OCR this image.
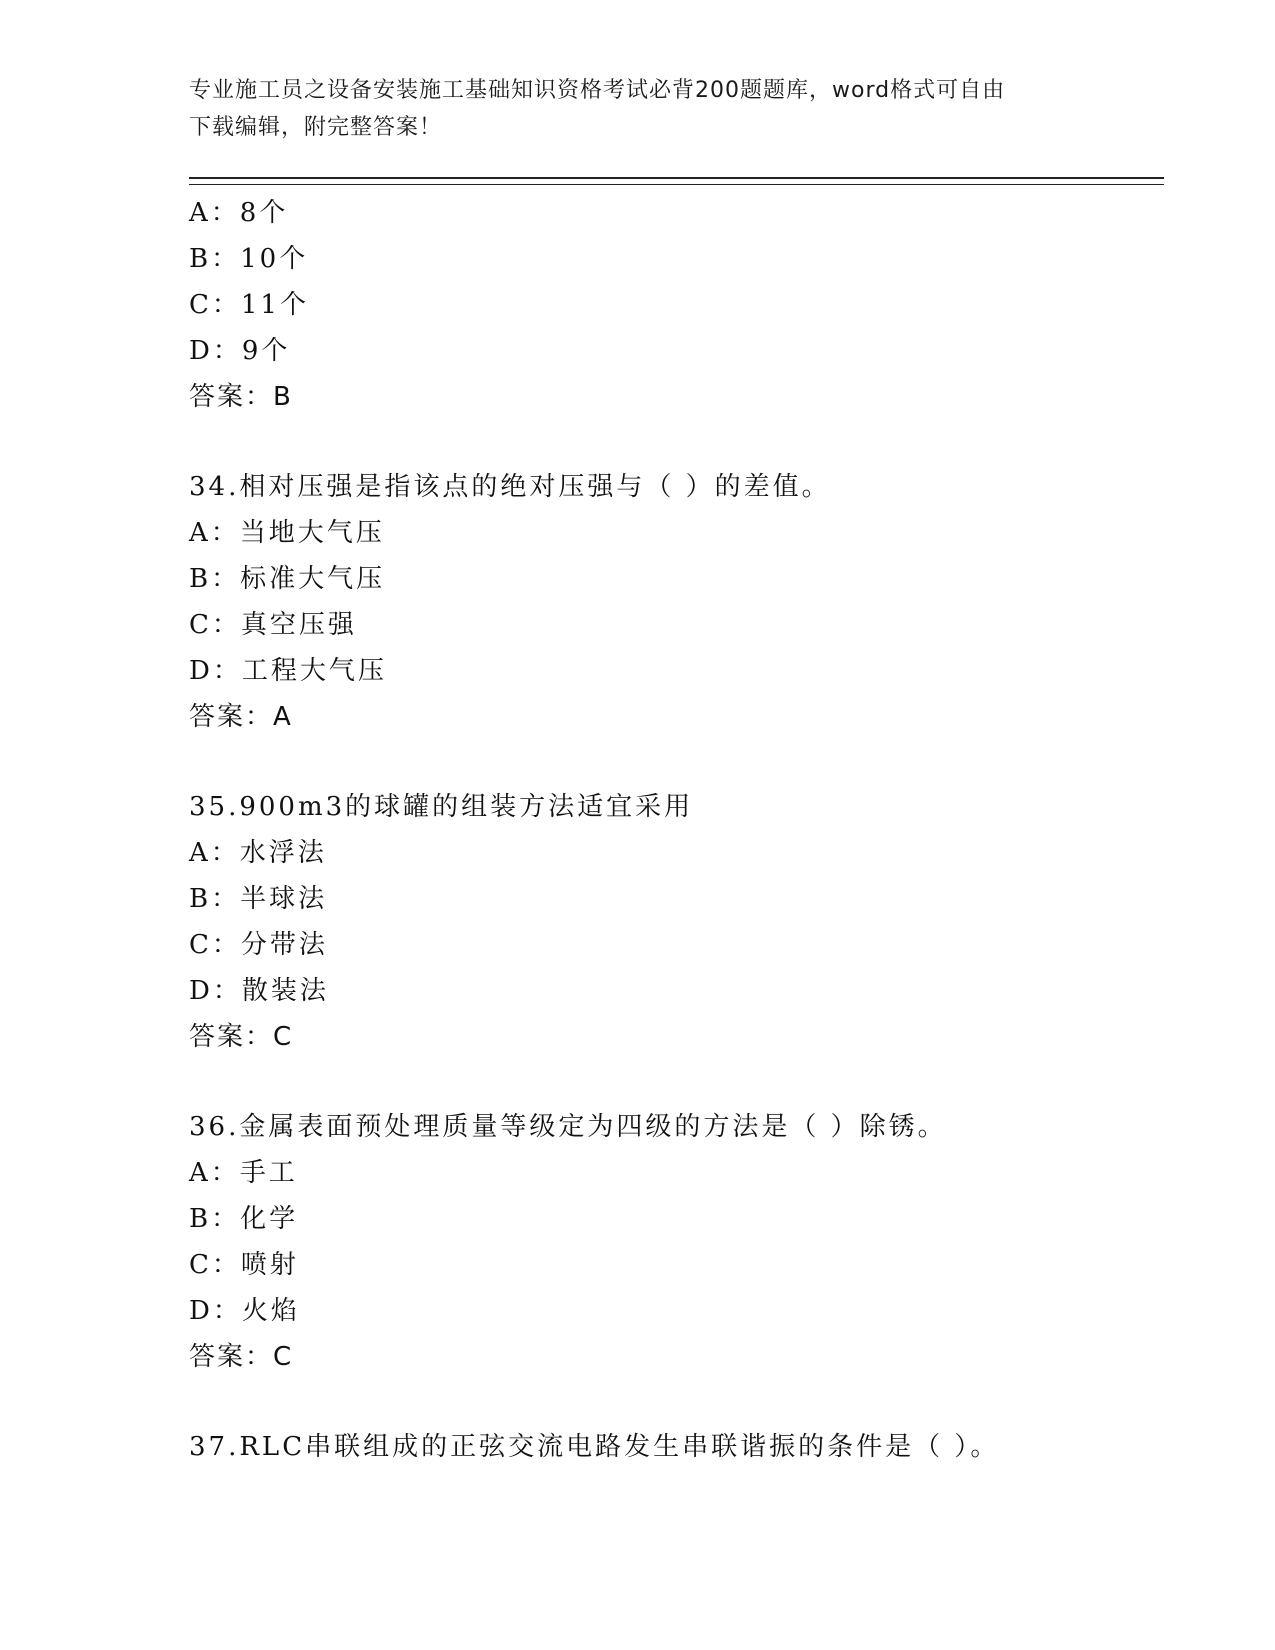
专业施工员之设备安装施工基础知识资格考试必背200题题库，word格式可自由
下载编辑，附完整答案！
A：8个
B：10个
C：11个
D：9个
答案：B
34.相对压强是指该点的绝对压强与（ ）的差值。
A：当地大气压
B：标准大气压
C：真空压强
D：工程大气压
答案：A
35.900m3的球罐的组装方法适宜采用
A：水浮法
B：半球法
C：分带法
D：散装法
答案：C
36.金属表面预处理质量等级定为四级的方法是（ ）除锈。
A：手工
B：化学
C：喷射
D：火焰
答案：C
37.RLC串联组成的正弦交流电路发生串联谐振的条件是（ ）。
